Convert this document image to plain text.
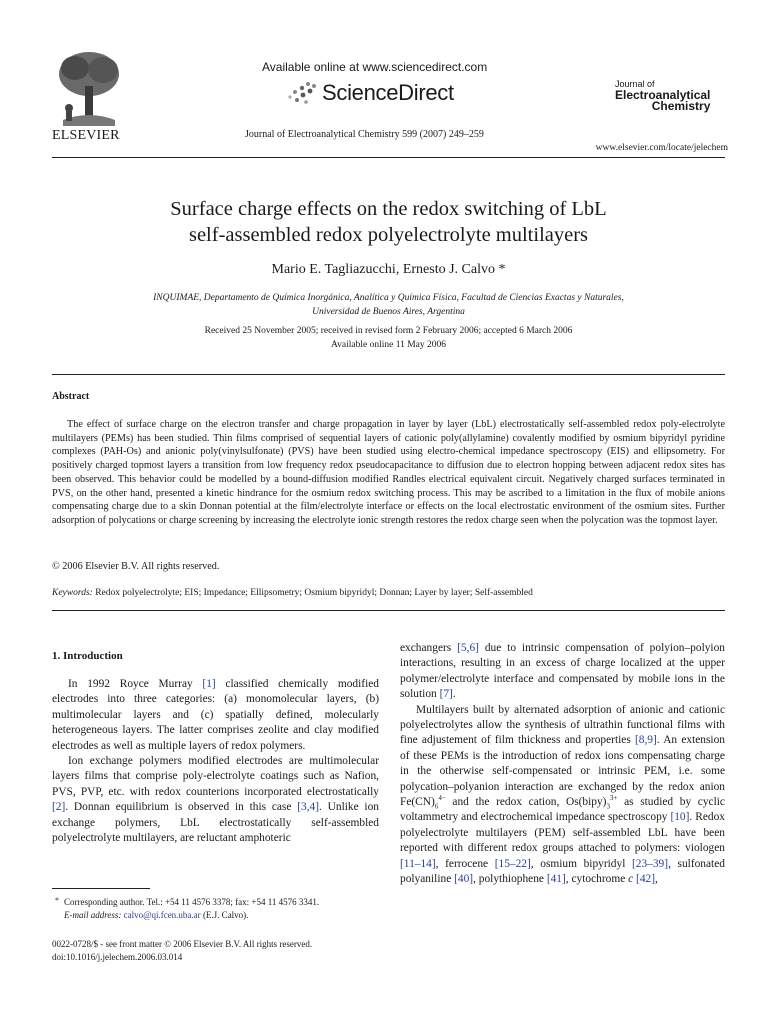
ELSEVIER
Available online at www.sciencedirect.com
ScienceDirect
Journal of Electroanalytical Chemistry 599 (2007) 249–259
Journal of
Electroanalytical
Chemistry
www.elsevier.com/locate/jelechem
Surface charge effects on the redox switching of LbL
self-assembled redox polyelectrolyte multilayers
Mario E. Tagliazucchi, Ernesto J. Calvo *
INQUIMAE, Departamento de Química Inorgánica, Analítica y Química Física, Facultad de Ciencias Exactas y Naturales,
Universidad de Buenos Aires, Argentina
Received 25 November 2005; received in revised form 2 February 2006; accepted 6 March 2006
Available online 11 May 2006
Abstract
The effect of surface charge on the electron transfer and charge propagation in layer by layer (LbL) electrostatically self-assembled redox poly-electrolyte multilayers (PEMs) has been studied. Thin films comprised of sequential layers of cationic poly(allylamine) covalently modified by osmium bipyridyl pyridine complexes (PAH-Os) and anionic poly(vinylsulfonate) (PVS) have been studied using electro-chemical impedance spectroscopy (EIS) and ellipsometry. For positively charged topmost layers a transition from low frequency redox pseudocapacitance to diffusion due to electron hopping between adjacent redox sites has been observed. This behavior could be modelled by a bound-diffusion modified Randles electrical equivalent circuit. Negatively charged surfaces terminated in PVS, on the other hand, presented a kinetic hindrance for the osmium redox switching process. This may be ascribed to a limitation in the flux of mobile anions compensating charge due to a skin Donnan potential at the film/electrolyte interface or effects on the local electrostatic environment of the osmium sites. Further adsorption of polycations or charge screening by increasing the electrolyte ionic strength restores the redox charge seen when the polycation was the topmost layer.
© 2006 Elsevier B.V. All rights reserved.
Keywords: Redox polyelectrolyte; EIS; Impedance; Ellipsometry; Osmium bipyridyl; Donnan; Layer by layer; Self-assembled
1. Introduction

In 1992 Royce Murray [1] classified chemically modified electrodes into three categories: (a) monomolecular layers, (b) multimolecular layers and (c) spatially defined, molecularly heterogeneous layers. The latter comprises zeolite and clay modified electrodes as well as multiple layers of redox polymers.

Ion exchange polymers modified electrodes are multimolecular layers films that comprise poly-electrolyte coatings such as Nafion, PVS, PVP, etc. with redox counterions incorporated electrostatically [2]. Donnan equilibrium is observed in this case [3,4]. Unlike ion exchange polymers, LbL electrostatically self-assembled polyelectrolyte multilayers, are reluctant amphoteric

exchangers [5,6] due to intrinsic compensation of polyion–polyion interactions, resulting in an excess of charge localized at the upper polymer/electrolyte interface and compensated by mobile ions in the solution [7].

Multilayers built by alternated adsorption of anionic and cationic polyelectrolytes allow the synthesis of ultrathin functional films with fine adjustement of film thickness and properties [8,9]. An extension of these PEMs is the introduction of redox ions compensating charge in the otherwise self-compensated or intrinsic PEM, i.e. some polycation–polyanion interaction are exchanged by the redox anion $Fe(CN)_6^{4-}$ and the redox cation, $Os(bipy)_3^{3+}$ as studied by cyclic voltammetry and electrochemical impedance spectroscopy [10]. Redox polyelectrolyte multilayers (PEM) self-assembled LbL have been reported with different redox groups attached to polymers: viologen [11–14], ferrocene [15–22], osmium bipyridyl [23–39], sulfonated polyaniline [40], polythiophene [41], cytochrome c [42],

* Corresponding author. Tel.: +54 11 4576 3378; fax: +54 11 4576 3341.
E-mail address: calvo@qi.fcen.uba.ar (E.J. Calvo).
0022-0728/$ - see front matter © 2006 Elsevier B.V. All rights reserved.
doi:10.1016/j.jelechem.2006.03.014
